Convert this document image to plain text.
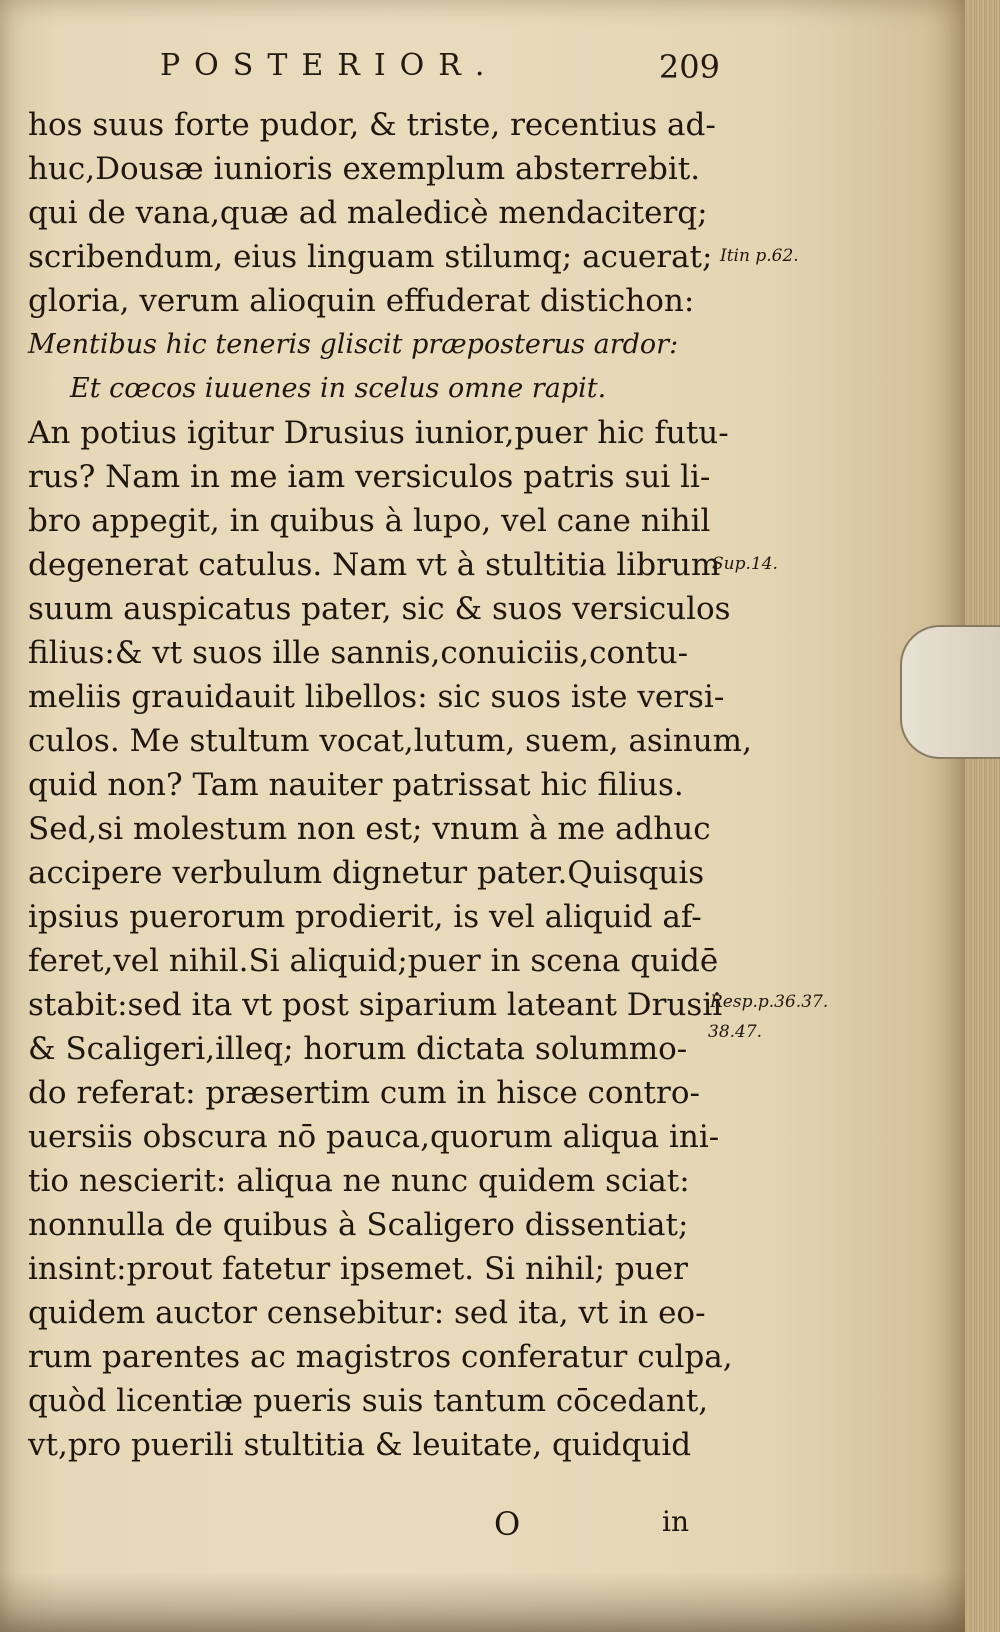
POSTERIOR.	209
hos suus forte pudor, & triste, recentius ad-
huc,Dousæ iunioris exemplum absterrebit.
qui de vana,quæ ad maledicè mendaciterq;
scribendum, eius linguam stilumq; acuerat;
gloria, verum alioquin effuderat distichon:
Mentibus hic teneris gliscit præposterus ardor:
Et cœcos iuuenes in scelus omne rapit.
An potius igitur Drusius iunior,puer hic futu-
rus? Nam in me iam versiculos patris sui li-
bro appegit, in quibus à lupo, vel cane nihil
degenerat catulus. Nam vt à stultitia librum
suum auspicatus pater, sic & suos versiculos
filius:& vt suos ille sannis,conuiciis,contu-
meliis grauidauit libellos: sic suos iste versi-
culos. Me stultum vocat,lutum, suem, asinum,
quid non? Tam nauiter patrissat hic filius.
Sed,si molestum non est; vnum à me adhuc
accipere verbulum dignetur pater.Quisquis
ipsius puerorum prodierit, is vel aliquid af-
feret,vel nihil.Si aliquid;puer in scena quidē
stabit:sed ita vt post siparium lateant Drusii
& Scaligeri,illeq; horum dictata solummo-
do referat: præsertim cum in hisce contro-
uersiis obscura nō pauca,quorum aliqua ini-
tio nescierit: aliqua ne nunc quidem sciat:
nonnulla de quibus à Scaligero dissentiat;
insint:prout fatetur ipsemet. Si nihil; puer
quidem auctor censebitur: sed ita, vt in eo-
rum parentes ac magistros conferatur culpa,
quòd licentiæ pueris suis tantum cōcedant,
vt,pro puerili stultitia & leuitate, quidquid
Itin p.62.
Sup.14.
Resp.p.36.37.
38.47.
O	in
